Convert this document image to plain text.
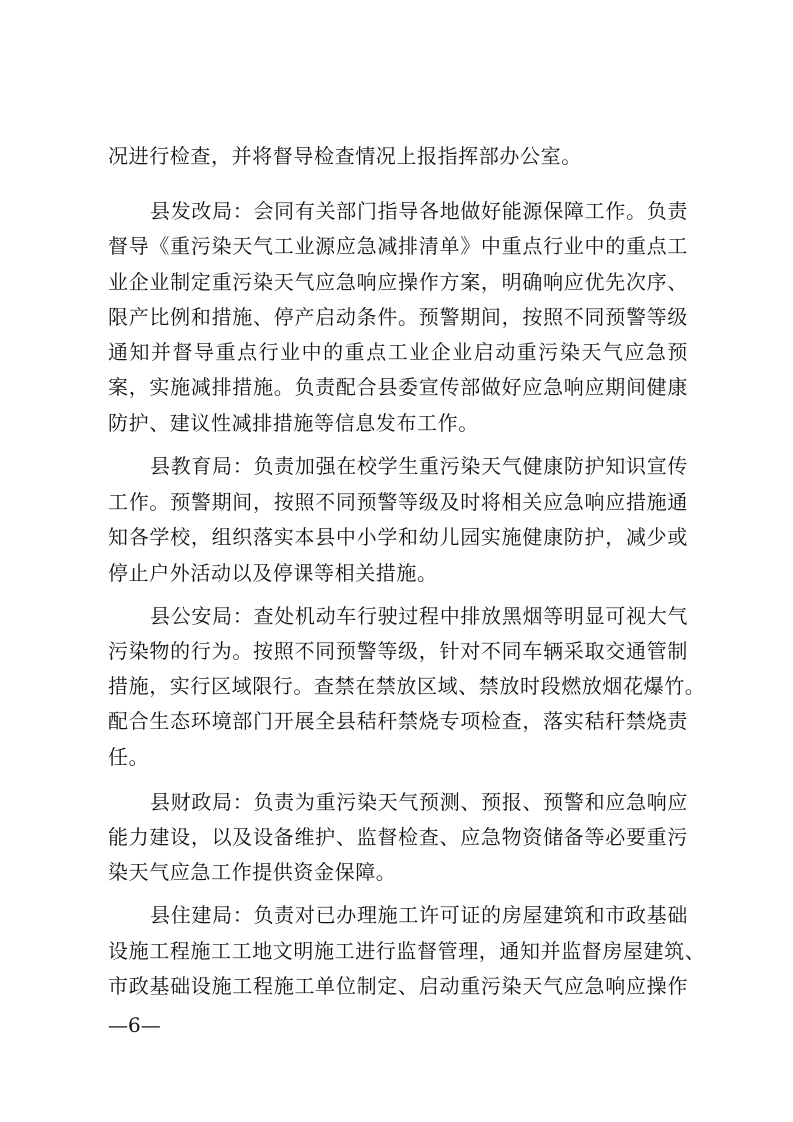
况进行检查，并将督导检查情况上报指挥部办公室。
县发改局：会同有关部门指导各地做好能源保障工作。负责
督导《重污染天气工业源应急减排清单》中重点行业中的重点工
业企业制定重污染天气应急响应操作方案，明确响应优先次序、
限产比例和措施、停产启动条件。预警期间，按照不同预警等级
通知并督导重点行业中的重点工业企业启动重污染天气应急预
案，实施减排措施。负责配合县委宣传部做好应急响应期间健康
防护、建议性减排措施等信息发布工作。
县教育局：负责加强在校学生重污染天气健康防护知识宣传
工作。预警期间，按照不同预警等级及时将相关应急响应措施通
知各学校，组织落实本县中小学和幼儿园实施健康防护，减少或
停止户外活动以及停课等相关措施。
县公安局：查处机动车行驶过程中排放黑烟等明显可视大气
污染物的行为。按照不同预警等级，针对不同车辆采取交通管制
措施，实行区域限行。查禁在禁放区域、禁放时段燃放烟花爆竹。
配合生态环境部门开展全县秸秆禁烧专项检查，落实秸秆禁烧责
任。
县财政局：负责为重污染天气预测、预报、预警和应急响应
能力建设，以及设备维护、监督检查、应急物资储备等必要重污
染天气应急工作提供资金保障。
县住建局：负责对已办理施工许可证的房屋建筑和市政基础
设施工程施工工地文明施工进行监督管理，通知并监督房屋建筑、
市政基础设施工程施工单位制定、启动重污染天气应急响应操作
—6—
